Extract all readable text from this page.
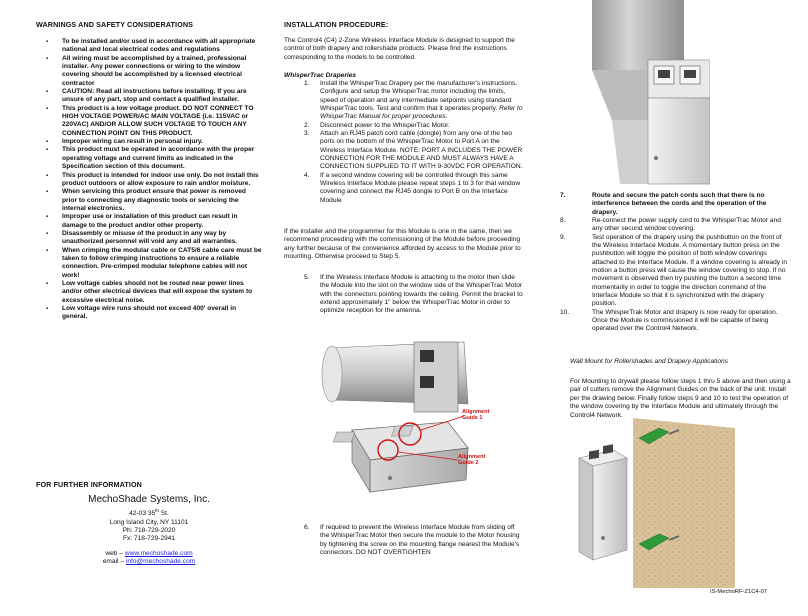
WARNINGS AND SAFETY CONSIDERATIONS
▪ To be installed and/or used in accordance with all appropriate national and local electrical codes and regulations
▪ All wiring must be accomplished by a trained, professional installer. Any power connections or wiring to the window covering should be accomplished by a licensed electrical contractor
▪ CAUTION: Read all instructions before installing. If you are unsure of any part, stop and contact a qualified installer.
▪ This product is a low voltage product. DO NOT CONNECT TO HIGH VOLTAGE POWER/AC MAIN VOLTAGE (i.e. 115VAC or 220VAC) AND/OR ALLOW SUCH VOLTAGE TO TOUCH ANY CONNECTION POINT ON THIS PRODUCT.
▪ Improper wiring can result in personal injury.
▪ This product must be operated in accordance with the proper operating voltage and current limits as indicated in the Specification section of this document.
▪ This product is intended for indoor use only. Do not install this product outdoors or allow exposure to rain and/or moisture.
▪ When servicing this product ensure that power is removed prior to connecting any diagnostic tools or servicing the internal electronics.
▪ Improper use or installation of this product can result in damage to the product and/or other property.
▪ Disassembly or misuse of the product in any way by unauthorized personnel will void any and all warranties.
▪ When crimping the modular cable or CAT5/6 cable care must be taken to follow crimping instructions to ensure a reliable connection. Pre-crimped modular telephone cables will not work!
▪ Low voltage cables should not be routed near power lines and/or other electrical devices that will expose the system to excessive electrical noise.
▪ Low voltage wire runs should not exceed 400' overall in general.
FOR FURTHER INFORMATION
MechoShade Systems, Inc.
42-03 35th St.
Long Island City, NY 11101
Ph: 718-729-2020
Fx: 718-729-2941
web – www.mechoshade.com
email – info@mechoshade.com
INSTALLATION PROCEDURE:

The Control4 (C4) 2-Zone Wireless Interface Module is designed to support the control of both drapery and rollershade products. Please find the instructions corresponding to the models to be controlled.

WhisperTrac Draperies
1. Install the WhisperTrac Drapery per the manufacturer's instructions. Configure and setup the WhisperTrac motor including the limits, speed of operation and any intermediate setpoints using standard WhisperTrac tools. Test and confirm that it operates properly. Refer to WhisperTrac Manual for proper procedures.
2. Disconnect power to the WhisperTrac Motor.
3. Attach an RJ45 patch cord cable (dongle) from any one of the two ports on the bottom of the WhisperTrac Motor to Port A on the Wireless Interface Module. NOTE: PORT A INCLUDES THE POWER CONNECTION FOR THE MODULE AND MUST ALWAYS HAVE A CONNECTION SUPPLIED TO IT WITH 9-30VDC FOR OPERATION.
4. If a second window covering will be controlled through this same Wireless Interface Module please repeat steps 1 to 3 for that window covering and connect the RJ45 dongle to Port B on the Interface Module

If the installer and the programmer for this Module is one in the same, then we recommend proceeding with the commissioning of the Module before proceeding any further because of the convenience afforded by access to the Module prior to mounting. Otherwise proceed to Step 5.

5. If the Wireless Interface Module is attaching to the motor then slide the Module into the slot on the window side of the WhisperTrac Motor with the connectors pointing towards the ceiling. Permit the bracket to extend approximately 1" below the WhisperTrac Motor in order to optimize reception for the antenna.
Alignment Guide 1
Alignment Guide 2
6. If required to prevent the Wireless Interface Module from sliding off the WhisperTrac Motor then secure the module to the Motor housing by tightening the screw on the mounting flange nearest the Module's connectors. DO NOT OVERTIGHTEN
7.	Route and secure the patch cords such that there is no interference between the cords and the operation of the drapery.
8.	Re-connect the power supply cord to the WhisperTrac Motor and any other second window covering.
9.	Test operation of the drapery using the pushbutton on the front of the Wireless Interface Module. A momentary button press on the pushbutton will toggle the position of both window coverings attached to the Interface Module. If a window covering is already in motion a button press will cause the window covering to stop. If no movement is observed then try pushing the button a second time momentarily in order to toggle the direction command of the Interface Module so that it is synchronized with the drapery position.
10.	The WhisperTrak Motor and drapery is now ready for operation. Once the Module is commissioned it will be capable of being operated over the Control4 Network.
Wall Mount for Rollershades and Drapery Applications

For Mounting to drywall please follow steps 1 thru 5 above and then using a pair of cutters remove the Alignment Guides on the back of the unit. Install per the drawing below. Finally follow steps 9 and 10 to test the operation of the window covering by the Interface Module and ultimately through the Control4 Network.

IS-MechoRF-Z1C4-07
